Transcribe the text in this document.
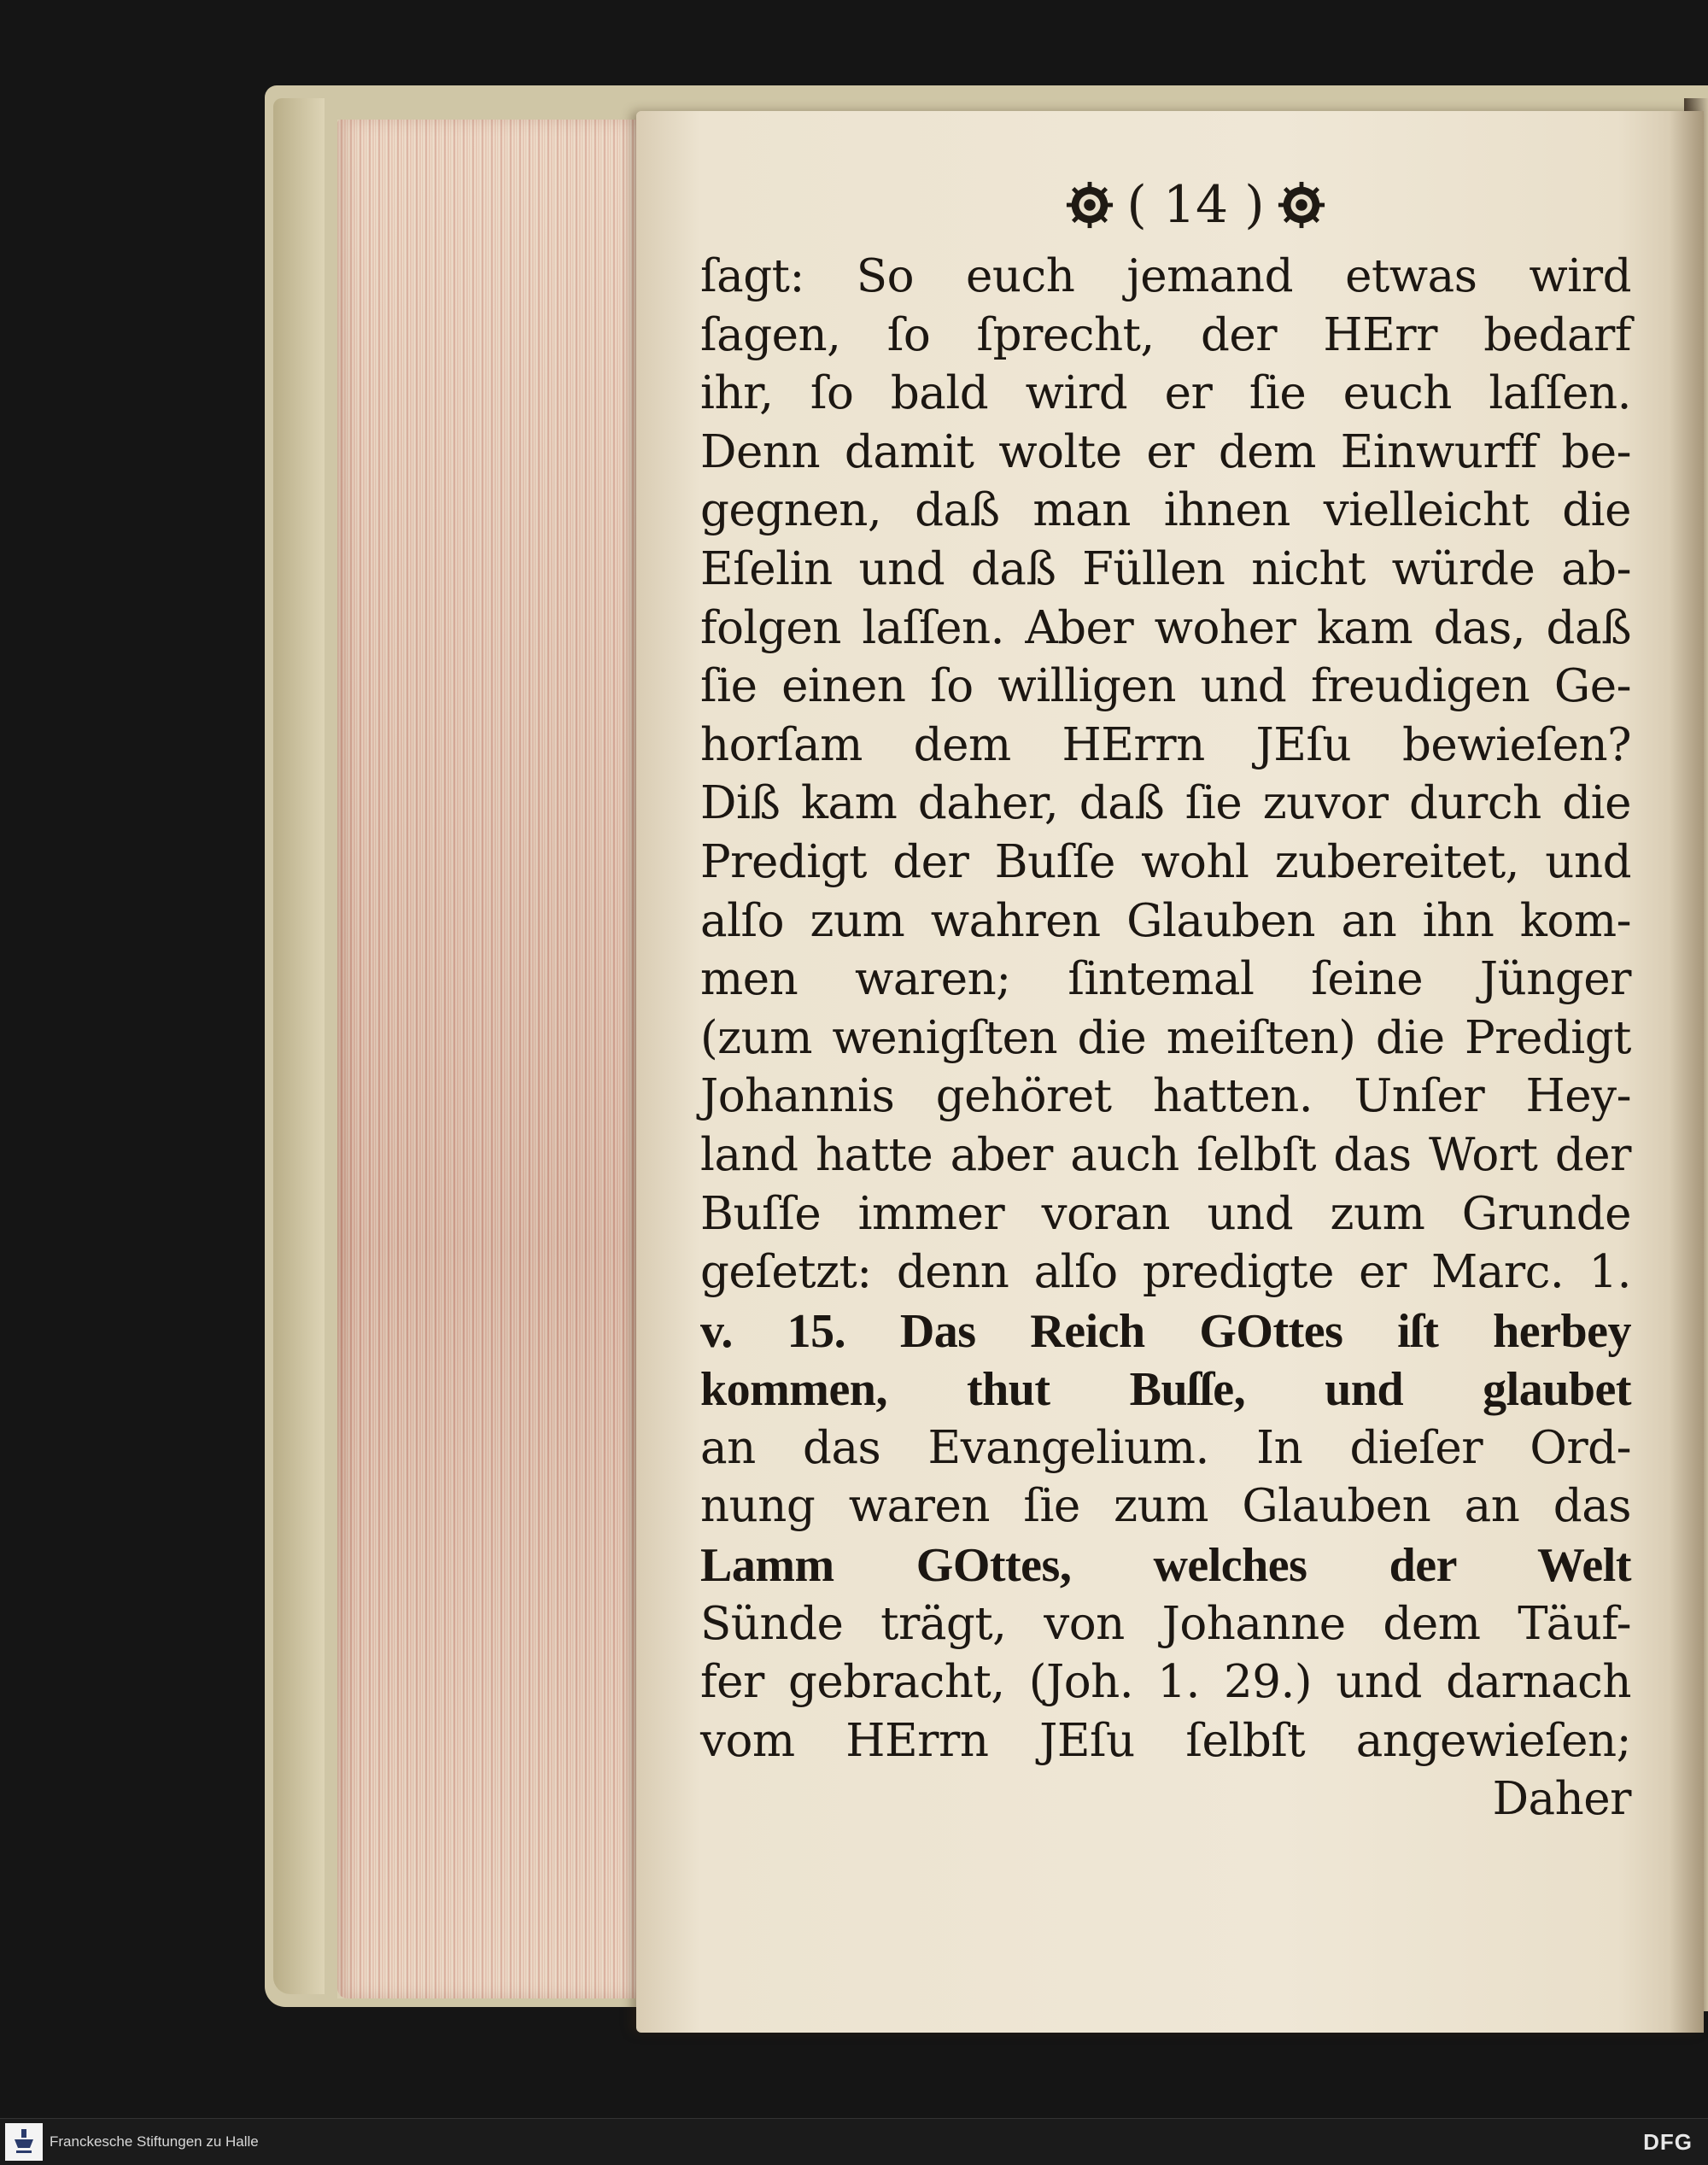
( 14 )
ſagt: So euch jemand etwas wird
ſagen, ſo ſprecht, der HErr bedarf
ihr, ſo bald wird er ſie euch laſſen.
Denn damit wolte er dem Einwurff be-
gegnen, daß man ihnen vielleicht die
Eſelin und daß Füllen nicht würde ab-
folgen laſſen. Aber woher kam das, daß
ſie einen ſo willigen und freudigen Ge-
horſam dem HErrn JEſu bewieſen?
Diß kam daher, daß ſie zuvor durch die
Predigt der Buſſe wohl zubereitet, und
alſo zum wahren Glauben an ihn kom-
men waren; ſintemal ſeine Jünger
(zum wenigſten die meiſten) die Predigt
Johannis gehöret hatten. Unſer Hey-
land hatte aber auch ſelbſt das Wort der
Buſſe immer voran und zum Grunde
geſetzt: denn alſo predigte er Marc. 1.
v. 15. Das Reich GOttes iſt herbey
kommen, thut Buſſe, und glaubet
an das Evangelium. In dieſer Ord-
nung waren ſie zum Glauben an das
Lamm GOttes, welches der Welt
Sünde trägt, von Johanne dem Täuf-
fer gebracht, (Joh. 1. 29.) und darnach
vom HErrn JEſu ſelbſt angewieſen;
Daher
Franckesche Stiftungen zu Halle	DFG
